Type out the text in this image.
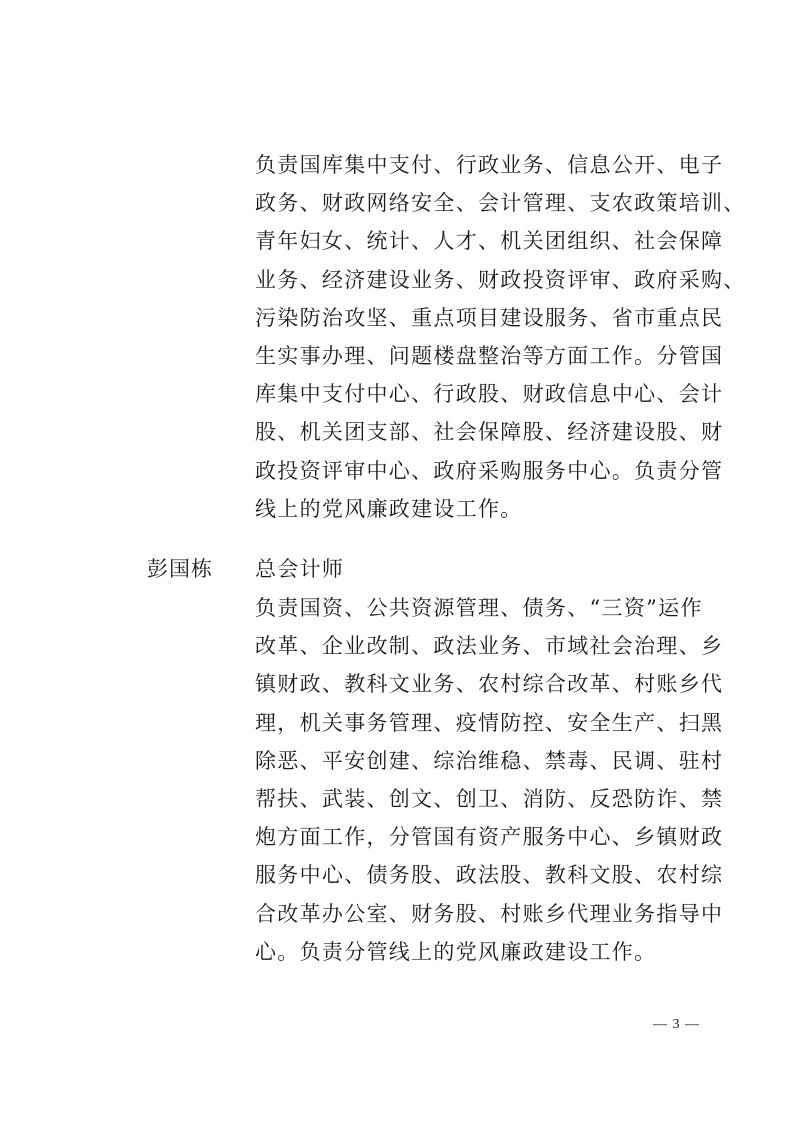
负责国库集中支付、行政业务、信息公开、电子
政务、财政网络安全、会计管理、支农政策培训、
青年妇女、统计、人才、机关团组织、社会保障
业务、经济建设业务、财政投资评审、政府采购、
污染防治攻坚、重点项目建设服务、省市重点民
生实事办理、问题楼盘整治等方面工作。分管国
库集中支付中心、行政股、财政信息中心、会计
股、机关团支部、社会保障股、经济建设股、财
政投资评审中心、政府采购服务中心。负责分管
线上的党风廉政建设工作。
彭国栋 总会计师
负责国资、公共资源管理、债务、“三资”运作
改革、企业改制、政法业务、市域社会治理、乡
镇财政、教科文业务、农村综合改革、村账乡代
理，机关事务管理、疫情防控、安全生产、扫黑
除恶、平安创建、综治维稳、禁毒、民调、驻村
帮扶、武装、创文、创卫、消防、反恐防诈、禁
炮方面工作，分管国有资产服务中心、乡镇财政
服务中心、债务股、政法股、教科文股、农村综
合改革办公室、财务股、村账乡代理业务指导中
心。负责分管线上的党风廉政建设工作。
— 3 —
